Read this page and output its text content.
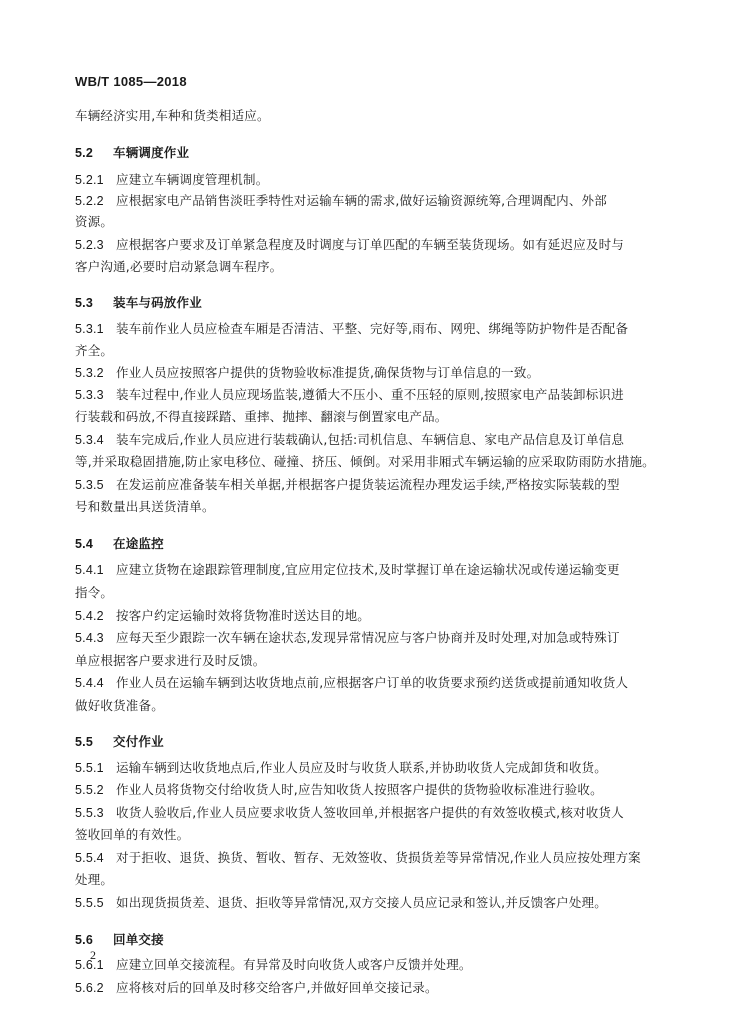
WB/T 1085—2018
车辆经济实用,车种和货类相适应。
5.2 车辆调度作业
5.2.1 应建立车辆调度管理机制。
5.2.2 应根据家电产品销售淡旺季特性对运输车辆的需求,做好运输资源统筹,合理调配内、外部
资源。
5.2.3 应根据客户要求及订单紧急程度及时调度与订单匹配的车辆至装货现场。如有延迟应及时与
客户沟通,必要时启动紧急调车程序。
5.3 装车与码放作业
5.3.1 装车前作业人员应检查车厢是否清洁、平整、完好等,雨布、网兜、绑绳等防护物件是否配备
齐全。
5.3.2 作业人员应按照客户提供的货物验收标准提货,确保货物与订单信息的一致。
5.3.3 装车过程中,作业人员应现场监装,遵循大不压小、重不压轻的原则,按照家电产品装卸标识进
行装载和码放,不得直接踩踏、重摔、抛摔、翻滚与倒置家电产品。
5.3.4 装车完成后,作业人员应进行装载确认,包括:司机信息、车辆信息、家电产品信息及订单信息
等,并采取稳固措施,防止家电移位、碰撞、挤压、倾倒。对采用非厢式车辆运输的应采取防雨防水措施。
5.3.5 在发运前应准备装车相关单据,并根据客户提货装运流程办理发运手续,严格按实际装载的型
号和数量出具送货清单。
5.4 在途监控
5.4.1 应建立货物在途跟踪管理制度,宜应用定位技术,及时掌握订单在途运输状况或传递运输变更
指令。
5.4.2 按客户约定运输时效将货物准时送达目的地。
5.4.3 应每天至少跟踪一次车辆在途状态,发现异常情况应与客户协商并及时处理,对加急或特殊订
单应根据客户要求进行及时反馈。
5.4.4 作业人员在运输车辆到达收货地点前,应根据客户订单的收货要求预约送货或提前通知收货人
做好收货准备。
5.5 交付作业
5.5.1 运输车辆到达收货地点后,作业人员应及时与收货人联系,并协助收货人完成卸货和收货。
5.5.2 作业人员将货物交付给收货人时,应告知收货人按照客户提供的货物验收标准进行验收。
5.5.3 收货人验收后,作业人员应要求收货人签收回单,并根据客户提供的有效签收模式,核对收货人
签收回单的有效性。
5.5.4 对于拒收、退货、换货、暂收、暂存、无效签收、货损货差等异常情况,作业人员应按处理方案
处理。
5.5.5 如出现货损货差、退货、拒收等异常情况,双方交接人员应记录和签认,并反馈客户处理。
5.6 回单交接
5.6.1 应建立回单交接流程。有异常及时向收货人或客户反馈并处理。
5.6.2 应将核对后的回单及时移交给客户,并做好回单交接记录。
2
